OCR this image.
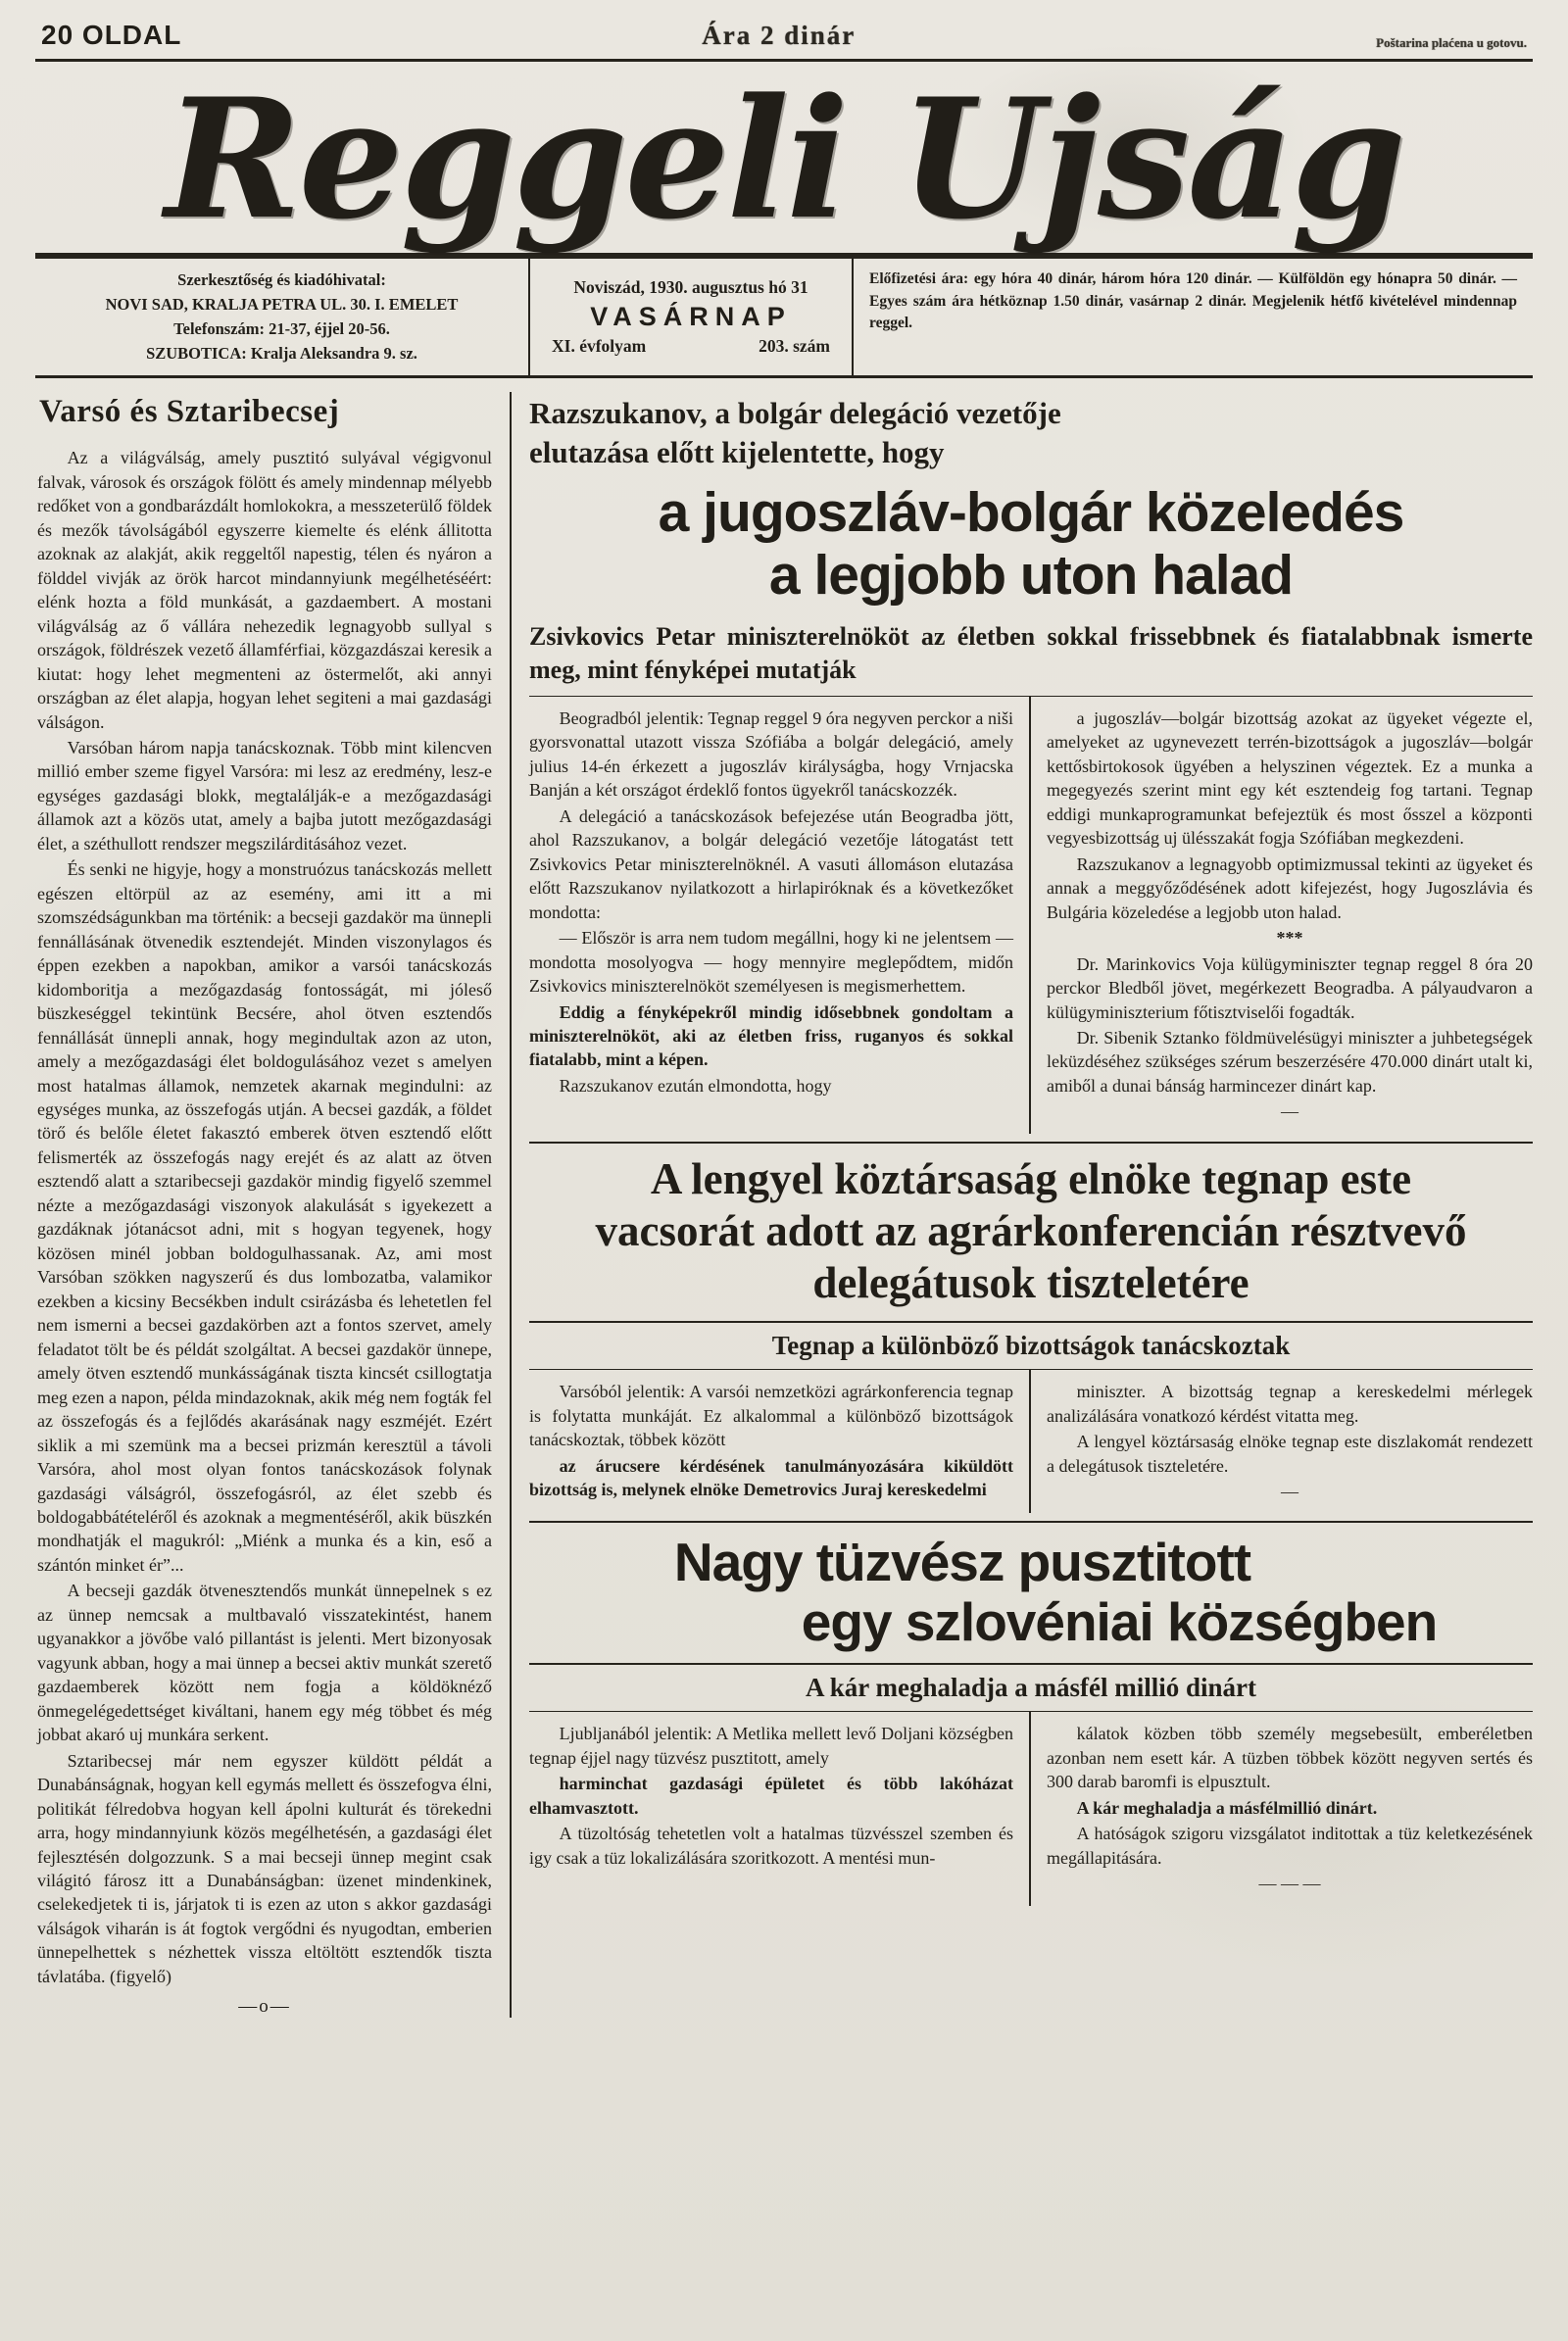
20 OLDAL	Ára 2 dinár	Poštarina plaćena u gotovu.
Reggeli Ujság

Szerkesztőség és kiadóhivatal:

NOVI SAD, KRALJA PETRA UL. 30. I. EMELET

Telefonszám: 21-37, éjjel 20-56.

SZUBOTICA: Kralja Aleksandra 9. sz.

Noviszád, 1930. augusztus hó 31
VASÁRNAP
XI. évfolyam	203. szám
Előfizetési ára: egy hóra 40 dinár, három hóra 120 dinár. — Külföldön egy hónapra 50 dinár. — Egyes szám ára hétköznap 1.50 dinár, vasárnap 2 dinár. Megjelenik hétfő kivételével mindennap reggel.
Varsó és Sztaribecsej

Az a világválság, amely pusztitó sulyával végigvonul falvak, városok és országok fölött és amely mindennap mélyebb redőket von a gondbarázdált homlokokra, a messzeterülő földek és mezők távolságából egyszerre kiemelte és elénk állitotta azoknak az alakját, akik reggeltől napestig, télen és nyáron a földdel vivják az örök harcot mindannyiunk megélhetéséért: elénk hozta a föld munkását, a gazdaembert. A mostani világválság az ő vállára nehezedik legnagyobb sullyal s országok, földrészek vezető államférfiai, közgazdászai keresik a kiutat: hogy lehet megmenteni az östermelőt, aki annyi országban az élet alapja, hogyan lehet segiteni a mai gazdasági válságon.

Varsóban három napja tanácskoznak. Több mint kilencven millió ember szeme figyel Varsóra: mi lesz az eredmény, lesz-e egységes gazdasági blokk, megtalálják-e a mezőgazdasági államok azt a közös utat, amely a bajba jutott mezőgazdasági élet, a széthullott rendszer megszilárditásához vezet.

És senki ne higyje, hogy a monstruózus tanácskozás mellett egészen eltörpül az az esemény, ami itt a mi szomszédságunkban ma történik: a becseji gazdakör ma ünnepli fennállásának ötvenedik esztendejét. Minden viszonylagos és éppen ezekben a napokban, amikor a varsói tanácskozás kidomboritja a mezőgazdaság fontosságát, mi jóleső büszkeséggel tekintünk Becsére, ahol ötven esztendős fennállását ünnepli annak, hogy megindultak azon az uton, amely a mezőgazdasági élet boldogulásához vezet s amelyen most hatalmas államok, nemzetek akarnak megindulni: az egységes munka, az összefogás utján. A becsei gazdák, a földet törő és belőle életet fakasztó emberek ötven esztendő előtt felismerték az összefogás nagy erejét és az alatt az ötven esztendő alatt a sztaribecseji gazdakör mindig figyelő szemmel nézte a mezőgazdasági viszonyok alakulását s igyekezett a gazdáknak jótanácsot adni, mit s hogyan tegyenek, hogy közösen minél jobban boldogulhassanak. Az, ami most Varsóban szökken nagyszerű és dus lombozatba, valamikor ezekben a kicsiny Becsékben indult csirázásba és lehetetlen fel nem ismerni a becsei gazdakörben azt a fontos szervet, amely feladatot tölt be és példát szolgáltat. A becsei gazdakör ünnepe, amely ötven esztendő munkásságának tiszta kincsét csillogtatja meg ezen a napon, példa mindazoknak, akik még nem fogták fel az összefogás és a fejlődés akarásának nagy eszméjét. Ezért siklik a mi szemünk ma a becsei prizmán keresztül a távoli Varsóra, ahol most olyan fontos tanácskozások folynak gazdasági válságról, összefogásról, az élet szebb és boldogabbátételéről és azoknak a megmentéséről, akik büszkén mondhatják el magukról: „Miénk a munka és a kin, eső a szántón minket ér”...

A becseji gazdák ötvenesztendős munkát ünnepelnek s ez az ünnep nemcsak a multbavaló visszatekintést, hanem ugyanakkor a jövőbe való pillantást is jelenti. Mert bizonyosak vagyunk abban, hogy a mai ünnep a becsei aktiv munkát szerető gazdaemberek között nem fogja a köldöknéző önmegelégedettséget kiváltani, hanem egy még többet és még jobbat akaró uj munkára serkent.

Sztaribecsej már nem egyszer küldött példát a Dunabánságnak, hogyan kell egymás mellett és összefogva élni, politikát félredobva hogyan kell ápolni kulturát és törekedni arra, hogy mindannyiunk közös megélhetésén, a gazdasági élet fejlesztésén dolgozzunk. S a mai becseji ünnep megint csak világitó fárosz itt a Dunabánságban: üzenet mindenkinek, cselekedjetek ti is, járjatok ti is ezen az uton s akkor gazdasági válságok viharán is át fogtok vergődni és nyugodtan, emberien ünnepelhettek s nézhettek vissza eltöltött esztendők tiszta távlatába. (figyelő)

—o—
Razszukanov, a bolgár delegáció vezetője
elutazása előtt kijelentette, hogy
a jugoszláv-bolgár közeledés
a legjobb uton halad
Zsivkovics Petar miniszterelnököt az életben sokkal frissebbnek és fiatalabbnak ismerte meg, mint fényképei mutatják

Beogradból jelentik: Tegnap reggel 9 óra negyven perckor a niši gyorsvonattal utazott vissza Szófiába a bolgár delegáció, amely julius 14-én érkezett a jugoszláv királyságba, hogy Vrnjacska Banján a két országot érdeklő fontos ügyekről tanácskozzék.

A delegáció a tanácskozások befejezése után Beogradba jött, ahol Razszukanov, a bolgár delegáció vezetője látogatást tett Zsivkovics Petar miniszterelnöknél. A vasuti állomáson elutazása előtt Razszukanov nyilatkozott a hirlapiróknak és a következőket mondotta:

— Először is arra nem tudom megállni, hogy ki ne jelentsem — mondotta mosolyogva — hogy mennyire meglepődtem, midőn Zsivkovics miniszterelnököt személyesen is megismerhettem.

Eddig a fényképekről mindig idősebbnek gondoltam a miniszterelnököt, aki az életben friss, ruganyos és sokkal fiatalabb, mint a képen.

Razszukanov ezután elmondotta, hogy

a jugoszláv—bolgár bizottság azokat az ügyeket végezte el, amelyeket az ugynevezett terrén-bizottságok a jugoszláv—bolgár kettősbirtokosok ügyében a helyszinen végeztek. Ez a munka a megegyezés szerint mint egy két esztendeig fog tartani. Tegnap eddigi munkaprogramunkat befejeztük és most ősszel a központi vegyesbizottság uj ülésszakát fogja Szófiában megkezdeni.

Razszukanov a legnagyobb optimizmussal tekinti az ügyeket és annak a meggyőződésének adott kifejezést, hogy Jugoszlávia és Bulgária közeledése a legjobb uton halad.

***

Dr. Marinkovics Voja külügyminiszter tegnap reggel 8 óra 20 perckor Bledből jövet, megérkezett Beogradba. A pályaudvaron a külügyminiszterium főtisztviselői fogadták.

Dr. Sibenik Sztanko földmüvelésügyi miniszter a juhbetegségek leküzdéséhez szükséges szérum beszerzésére 470.000 dinárt utalt ki, amiből a dunai bánság harmincezer dinárt kap.

—

A lengyel köztársaság elnöke tegnap este vacsorát adott az agrárkonferencián résztvevő delegátusok tiszteletére
Tegnap a különböző bizottságok tanácskoztak

Varsóból jelentik: A varsói nemzetközi agrárkonferencia tegnap is folytatta munkáját. Ez alkalommal a különböző bizottságok tanácskoztak, többek között

az árucsere kérdésének tanulmányozására kiküldött bizottság is, melynek elnöke Demetrovics Juraj kereskedelmi

miniszter. A bizottság tegnap a kereskedelmi mérlegek analizálására vonatkozó kérdést vitatta meg.

A lengyel köztársaság elnöke tegnap este diszlakomát rendezett a delegátusok tiszteletére.

—

Nagy tüzvész pusztitott
egy szlovéniai községben
A kár meghaladja a másfél millió dinárt

Ljubljanából jelentik: A Metlika mellett levő Doljani községben tegnap éjjel nagy tüzvész pusztitott, amely

harminchat gazdasági épületet és több lakóházat elhamvasztott.

A tüzoltóság tehetetlen volt a hatalmas tüzvésszel szemben és igy csak a tüz lokalizálására szoritkozott. A mentési mun-

kálatok közben több személy megsebesült, emberéletben azonban nem esett kár. A tüzben többek között negyven sertés és 300 darab baromfi is elpusztult.

A kár meghaladja a másfélmillió dinárt.

A hatóságok szigoru vizsgálatot inditottak a tüz keletkezésének megállapitására.

— — —
